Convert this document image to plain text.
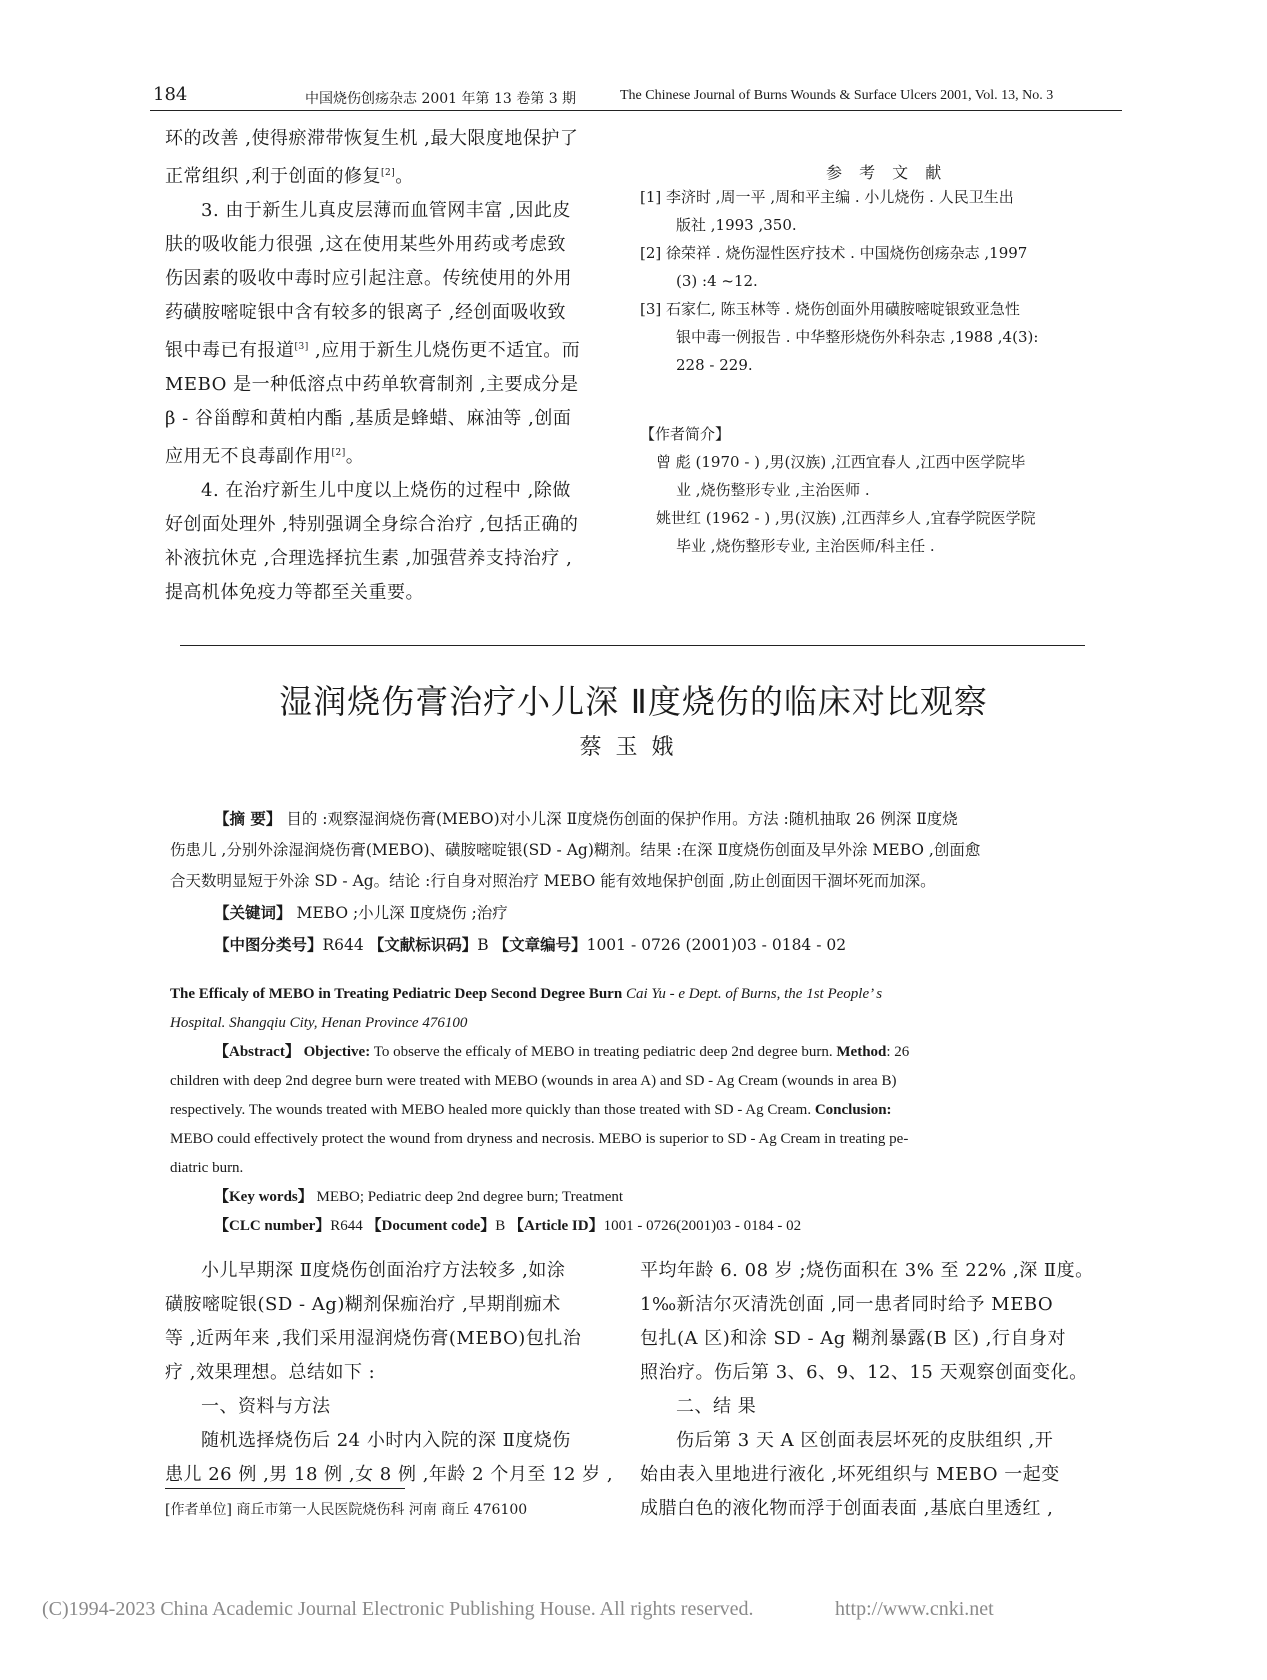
184	中国烧伤创疡杂志 2001 年第 13 卷第 3 期	The Chinese Journal of Burns Wounds & Surface Ulcers 2001, Vol. 13, No. 3

环的改善 ,使得瘀滞带恢复生机 ,最大限度地保护了

正常组织 ,利于创面的修复[2]。

3. 由于新生儿真皮层薄而血管网丰富 ,因此皮

肤的吸收能力很强 ,这在使用某些外用药或考虑致

伤因素的吸收中毒时应引起注意。传统使用的外用

药磺胺嘧啶银中含有较多的银离子 ,经创面吸收致

银中毒已有报道[3] ,应用于新生儿烧伤更不适宜。而

MEBO 是一种低溶点中药单软膏制剂 ,主要成分是

β - 谷甾醇和黄柏内酯 ,基质是蜂蜡、麻油等 ,创面

应用无不良毒副作用[2]。

4. 在治疗新生儿中度以上烧伤的过程中 ,除做

好创面处理外 ,特别强调全身综合治疗 ,包括正确的

补液抗休克 ,合理选择抗生素 ,加强营养支持治疗 ,

提高机体免疫力等都至关重要。

参 考 文 献

[1] 李济时 ,周一平 ,周和平主编 . 小儿烧伤 . 人民卫生出

版社 ,1993 ,350.

[2] 徐荣祥 . 烧伤湿性医疗技术 . 中国烧伤创疡杂志 ,1997

(3) :4 ~12.

[3] 石家仁, 陈玉林等 . 烧伤创面外用磺胺嘧啶银致亚急性

银中毒一例报告 . 中华整形烧伤外科杂志 ,1988 ,4(3):

228 - 229.

【作者简介】

曾 彪 (1970 - ) ,男(汉族) ,江西宜春人 ,江西中医学院毕

业 ,烧伤整形专业 ,主治医师 .

姚世红 (1962 - ) ,男(汉族) ,江西萍乡人 ,宜春学院医学院

毕业 ,烧伤整形专业, 主治医师/科主任 .

湿润烧伤膏治疗小儿深 Ⅱ度烧伤的临床对比观察
蔡玉娥

【摘 要】 目的 :观察湿润烧伤膏(MEBO)对小儿深 Ⅱ度烧伤创面的保护作用。方法 :随机抽取 26 例深 Ⅱ度烧

伤患儿 ,分别外涂湿润烧伤膏(MEBO)、磺胺嘧啶银(SD - Ag)糊剂。结果 :在深 Ⅱ度烧伤创面及早外涂 MEBO ,创面愈

合天数明显短于外涂 SD - Ag。结论 :行自身对照治疗 MEBO 能有效地保护创面 ,防止创面因干涸坏死而加深。

【关键词】 MEBO ;小儿深 Ⅱ度烧伤 ;治疗

【中图分类号】R644 【文献标识码】B 【文章编号】1001 - 0726 (2001)03 - 0184 - 02

The Efficaly of MEBO in Treating Pediatric Deep Second Degree Burn Cai Yu - e Dept. of Burns, the 1st People’ s

Hospital. Shangqiu City, Henan Province 476100

【Abstract】 Objective: To observe the efficaly of MEBO in treating pediatric deep 2nd degree burn. Method: 26

children with deep 2nd degree burn were treated with MEBO (wounds in area A) and SD - Ag Cream (wounds in area B)

respectively. The wounds treated with MEBO healed more quickly than those treated with SD - Ag Cream. Conclusion:

MEBO could effectively protect the wound from dryness and necrosis. MEBO is superior to SD - Ag Cream in treating pe-

diatric burn.

【Key words】 MEBO; Pediatric deep 2nd degree burn; Treatment

【CLC number】R644 【Document code】B 【Article ID】1001 - 0726(2001)03 - 0184 - 02

小儿早期深 Ⅱ度烧伤创面治疗方法较多 ,如涂

磺胺嘧啶银(SD - Ag)糊剂保痂治疗 ,早期削痂术

等 ,近两年来 ,我们采用湿润烧伤膏(MEBO)包扎治

疗 ,效果理想。总结如下 :

一、资料与方法

随机选择烧伤后 24 小时内入院的深 Ⅱ度烧伤

患儿 26 例 ,男 18 例 ,女 8 例 ,年龄 2 个月至 12 岁 ,

平均年龄 6. 08 岁 ;烧伤面积在 3% 至 22% ,深 Ⅱ度。

1‰新洁尔灭清洗创面 ,同一患者同时给予 MEBO

包扎(A 区)和涂 SD - Ag 糊剂暴露(B 区) ,行自身对

照治疗。伤后第 3、6、9、12、15 天观察创面变化。

二、结 果

伤后第 3 天 A 区创面表层坏死的皮肤组织 ,开

始由表入里地进行液化 ,坏死组织与 MEBO 一起变

成腊白色的液化物而浮于创面表面 ,基底白里透红 ,

[作者单位] 商丘市第一人民医院烧伤科 河南 商丘 476100
(C)1994-2023 China Academic Journal Electronic Publishing House. All rights reserved.	http://www.cnki.net
